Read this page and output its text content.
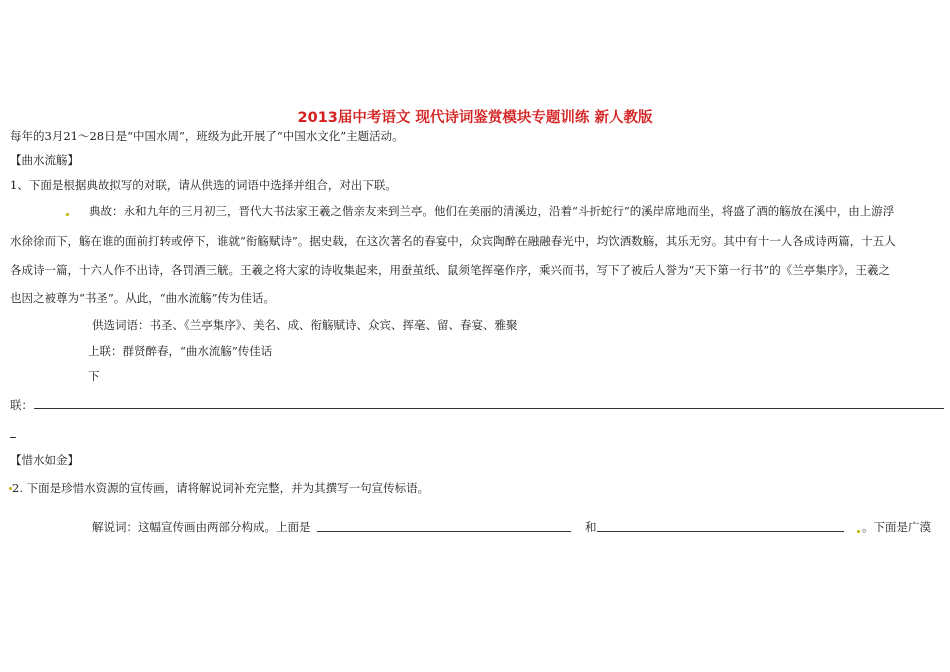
2013届中考语文 现代诗词鉴赏模块专题训练 新人教版
每年的3月21～28日是“中国水周”，班级为此开展了“中国水文化”主题活动。
【曲水流觞】
1、下面是根据典故拟写的对联，请从供选的词语中选择并组合，对出下联。
典故：永和九年的三月初三，晋代大书法家王羲之偕亲友来到兰亭。他们在美丽的清溪边，沿着“斗折蛇行”的溪岸席地而坐，将盛了酒的觞放在溪中，由上游浮
水徐徐而下，觞在谁的面前打转或停下，谁就“衔觞赋诗”。据史载，在这次著名的春宴中，众宾陶醉在融融春光中，均饮酒数觞，其乐无穷。其中有十一人各成诗两篇，十五人
各成诗一篇，十六人作不出诗，各罚酒三觥。王羲之将大家的诗收集起来，用蚕茧纸、鼠须笔挥毫作序，乘兴而书，写下了被后人誉为“天下第一行书”的《兰亭集序》，王羲之
也因之被尊为“书圣”。从此，“曲水流觞”传为佳话。
供选词语：书圣、《兰亭集序》、美名、成、衔觞赋诗、众宾、挥毫、留、春宴、雅聚
上联：群贤醉春，“曲水流觞”传佳话
下
联：
【惜水如金】
2. 下面是珍惜水资源的宣传画，请将解说词补充完整，并为其撰写一句宣传标语。
解说词：这幅宣传画由两部分构成。上面是	和	。下面是广漠
